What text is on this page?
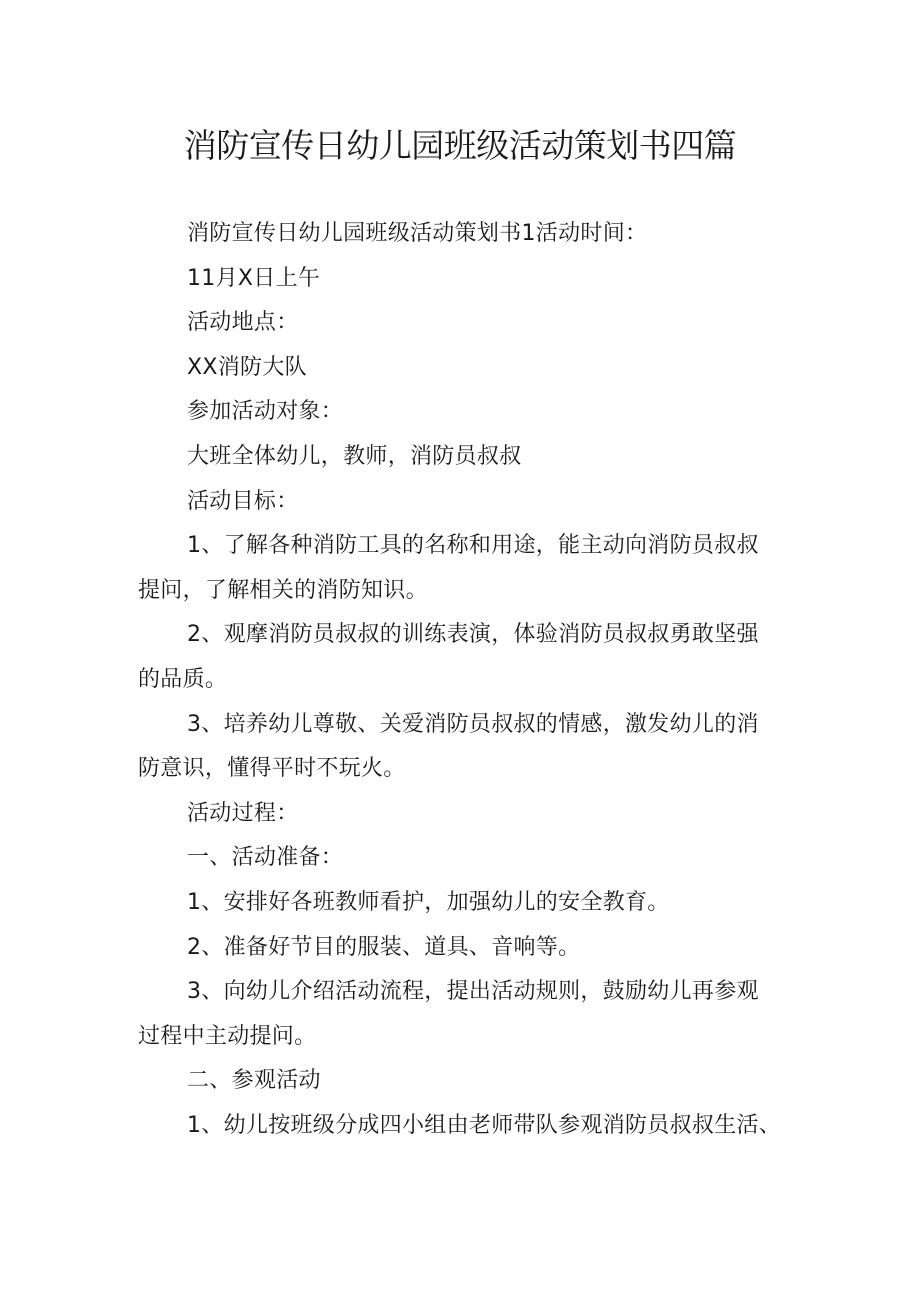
消防宣传日幼儿园班级活动策划书四篇

消防宣传日幼儿园班级活动策划书1活动时间：

11月X日上午

活动地点：

XX消防大队

参加活动对象：

大班全体幼儿，教师，消防员叔叔

活动目标：

1、了解各种消防工具的名称和用途，能主动向消防员叔叔

提问，了解相关的消防知识。

2、观摩消防员叔叔的训练表演，体验消防员叔叔勇敢坚强

的品质。

3、培养幼儿尊敬、关爱消防员叔叔的情感，激发幼儿的消

防意识，懂得平时不玩火。

活动过程：

一、活动准备：

1、安排好各班教师看护，加强幼儿的安全教育。

2、准备好节目的服装、道具、音响等。

3、向幼儿介绍活动流程，提出活动规则，鼓励幼儿再参观

过程中主动提问。

二、参观活动

1、幼儿按班级分成四小组由老师带队参观消防员叔叔生活、
